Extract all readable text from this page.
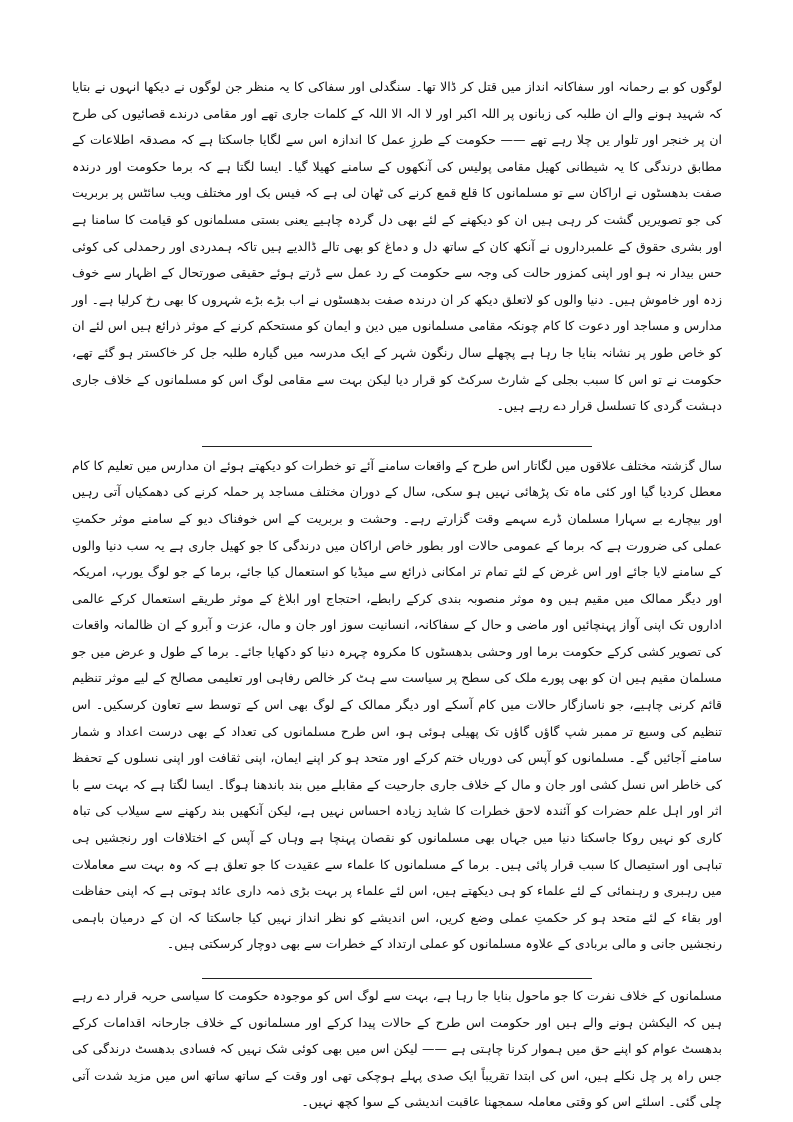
لوگوں کو بے رحمانہ اور سفاکانہ انداز میں قتل کر ڈالا تھا۔ سنگدلی اور سفاکی کا یہ منظر جن لوگوں نے دیکھا انہوں نے بتایا کہ شہید ہونے والے ان طلبہ کی زبانوں پر اللہ اکبر اور لا الہ الا اللہ کے کلمات جاری تھے اور مقامی درندے قصائیوں کی طرح ان پر خنجر اور تلوار یں چلا رہے تھے —— حکومت کے طرزِ عمل کا اندازہ اس سے لگایا جاسکتا ہے کہ مصدقہ اطلاعات کے مطابق درندگی کا یہ شیطانی کھیل مقامی پولیس کی آنکھوں کے سامنے کھیلا گیا۔ ایسا لگتا ہے کہ برما حکومت اور درندہ صفت بدھسٹوں نے اراکان سے تو مسلمانوں کا قلع قمع کرنے کی ٹھان لی ہے کہ فیس بک اور مختلف ویب سائٹس پر بربریت کی جو تصویریں گشت کر رہی ہیں ان کو دیکھنے کے لئے بھی دل گردہ چاہیے یعنی بستی مسلمانوں کو قیامت کا سامنا ہے اور بشری حقوق کے علمبرداروں نے آنکھ کان کے ساتھ دل و دماغ کو بھی تالے ڈالدیے ہیں تاکہ ہمدردی اور رحمدلی کی کوئی حس بیدار نہ ہو اور اپنی کمزور حالت کی وجہ سے حکومت کے رد عمل سے ڈرتے ہوئے حقیقی صورتحال کے اظہار سے خوف زدہ اور خاموش ہیں۔ دنیا والوں کو لاتعلق دیکھ کر ان درندہ صفت بدھسٹوں نے اب بڑے بڑے شہروں کا بھی رخ کرلیا ہے۔ اور مدارس و مساجد اور دعوت کا کام چونکہ مقامی مسلمانوں میں دین و ایمان کو مستحکم کرنے کے موثر ذرائع ہیں اس لئے ان کو خاص طور پر نشانہ بنایا جا رہا ہے پچھلے سال رنگون شہر کے ایک مدرسہ میں گیارہ طلبہ جل کر خاکستر ہو گئے تھے، حکومت نے تو اس کا سبب بجلی کے شارٹ سرکٹ کو قرار دیا لیکن بہت سے مقامی لوگ اس کو مسلمانوں کے خلاف جاری دہشت گردی کا تسلسل قرار دے رہے ہیں۔

سال گزشتہ مختلف علاقوں میں لگاتار اس طرح کے واقعات سامنے آئے تو خطرات کو دیکھتے ہوئے ان مدارس میں تعلیم کا کام معطل کردیا گیا اور کئی ماہ تک پڑھائی نہیں ہو سکی، سال کے دوران مختلف مساجد پر حملہ کرنے کی دھمکیاں آتی رہیں اور بیچارے بے سہارا مسلمان ڈرے سہمے وقت گزارتے رہے۔ وحشت و بربریت کے اس خوفناک دیو کے سامنے موثر حکمتِ عملی کی ضرورت ہے کہ برما کے عمومی حالات اور بطور خاص اراکان میں درندگی کا جو کھیل جاری ہے یہ سب دنیا والوں کے سامنے لایا جائے اور اس غرض کے لئے تمام تر امکانی ذرائع سے میڈیا کو استعمال کیا جائے، برما کے جو لوگ یورپ، امریکہ اور دیگر ممالک میں مقیم ہیں وہ موثر منصوبہ بندی کرکے رابطے، احتجاج اور ابلاغ کے موثر طریقے استعمال کرکے عالمی اداروں تک اپنی آواز پہنچائیں اور ماضی و حال کے سفاکانہ، انسانیت سوز اور جان و مال، عزت و آبرو کے ان ظالمانہ واقعات کی تصویر کشی کرکے حکومت برما اور وحشی بدھسٹوں کا مکروہ چہرہ دنیا کو دکھایا جائے۔ برما کے طول و عرض میں جو مسلمان مقیم ہیں ان کو بھی پورے ملک کی سطح پر سیاست سے ہٹ کر خالص رفاہی اور تعلیمی مصالح کے لیے موثر تنظیم قائم کرنی چاہیے، جو ناسازگار حالات میں کام آسکے اور دیگر ممالک کے لوگ بھی اس کے توسط سے تعاون کرسکیں۔ اس تنظیم کی وسیع تر ممبر شپ گاؤں گاؤں تک پھیلی ہوئی ہو، اس طرح مسلمانوں کی تعداد کے بھی درست اعداد و شمار سامنے آجائیں گے۔ مسلمانوں کو آپس کی دوریاں ختم کرکے اور متحد ہو کر اپنے ایمان، اپنی ثقافت اور اپنی نسلوں کے تحفظ کی خاطر اس نسل کشی اور جان و مال کے خلاف جاری جارحیت کے مقابلے میں بند باندھنا ہوگا۔ ایسا لگتا ہے کہ بہت سے با اثر اور اہل علم حضرات کو آئندہ لاحق خطرات کا شاید زیادہ احساس نہیں ہے، لیکن آنکھیں بند رکھنے سے سیلاب کی تباہ کاری کو نہیں روکا جاسکتا دنیا میں جہاں بھی مسلمانوں کو نقصان پہنچا ہے وہاں کے آپس کے اختلافات اور رنجشیں ہی تباہی اور استیصال کا سبب قرار پائی ہیں۔ برما کے مسلمانوں کا علماء سے عقیدت کا جو تعلق ہے کہ وہ بہت سے معاملات میں رہبری و رہنمائی کے لئے علماء کو ہی دیکھتے ہیں، اس لئے علماء پر بہت بڑی ذمہ داری عائد ہوتی ہے کہ اپنی حفاظت اور بقاء کے لئے متحد ہو کر حکمتِ عملی وضع کریں، اس اندیشے کو نظر انداز نہیں کیا جاسکتا کہ ان کے درمیان باہمی رنجشیں جانی و مالی بربادی کے علاوہ مسلمانوں کو عملی ارتداد کے خطرات سے بھی دوچار کرسکتی ہیں۔

مسلمانوں کے خلاف نفرت کا جو ماحول بنایا جا رہا ہے، بہت سے لوگ اس کو موجودہ حکومت کا سیاسی حربہ قرار دے رہے ہیں کہ الیکشن ہونے والے ہیں اور حکومت اس طرح کے حالات پیدا کرکے اور مسلمانوں کے خلاف جارحانہ اقدامات کرکے بدھسٹ عوام کو اپنے حق میں ہموار کرنا چاہتی ہے —— لیکن اس میں بھی کوئی شک نہیں کہ فسادی بدھسٹ درندگی کی جس راہ پر چل نکلے ہیں، اس کی ابتدا تقریباً ایک صدی پہلے ہوچکی تھی اور وقت کے ساتھ ساتھ اس میں مزید شدت آتی چلی گئی۔ اسلئے اس کو وقتی معاملہ سمجھنا عاقبت اندیشی کے سوا کچھ نہیں۔
